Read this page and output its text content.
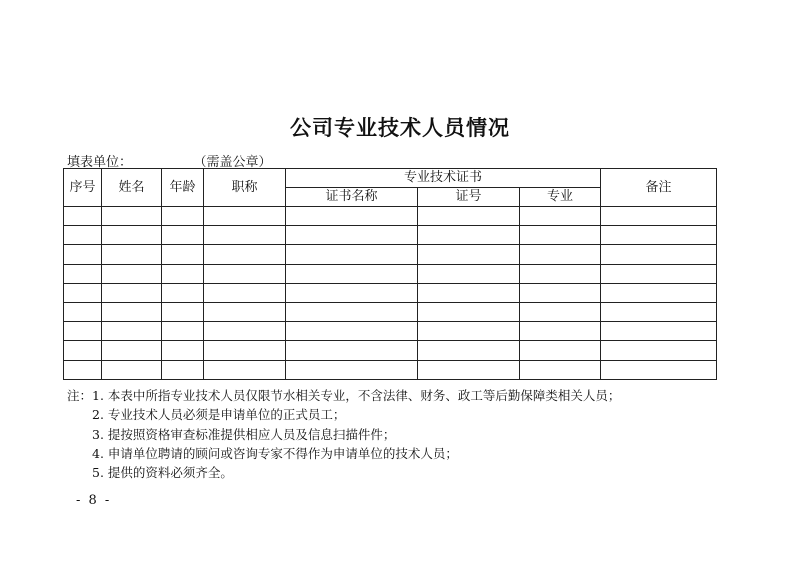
公司专业技术人员情况
填表单位：	（需盖公章）
序号	姓名	年龄	职称	专业技术证书			备注
				证书名称	证号	专业	

注：1. 本表中所指专业技术人员仅限节水相关专业，不含法律、财务、政工等后勤保障类相关人员；
2. 专业技术人员必须是申请单位的正式员工；
3. 提按照资格审查标准提供相应人员及信息扫描件件；
4. 申请单位聘请的顾问或咨询专家不得作为申请单位的技术人员；
5. 提供的资料必须齐全。
- 8 -
